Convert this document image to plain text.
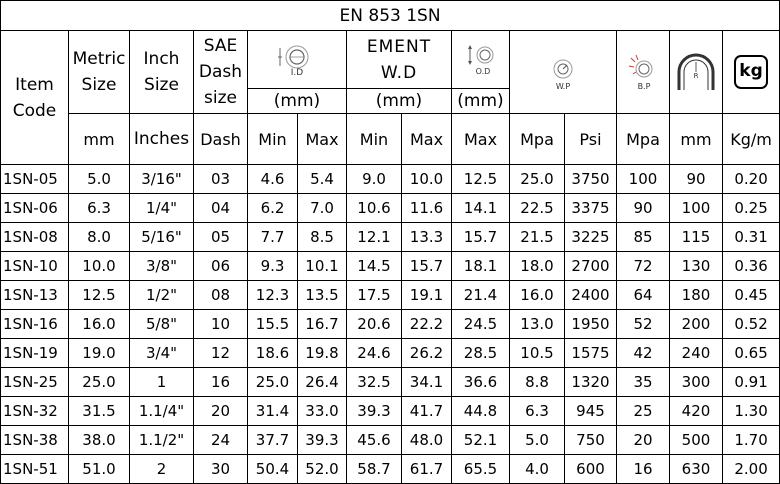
EN 853 1SN													
Item Code	Metric Size	Inch Size	SAE Dash size	I.D		EMENT W.D		O.D	W.P		B.P	R	kg
				(mm)		(mm)		(mm)					
	mm	Inches	Dash	Min	Max	Min	Max	Max	Mpa	Psi	Mpa	mm	Kg/m
1SN-05	5.0	3/16"	03	4.6	5.4	9.0	10.0	12.5	25.0	3750	100	90	0.20
1SN-06	6.3	1/4"	04	6.2	7.0	10.6	11.6	14.1	22.5	3375	90	100	0.25
1SN-08	8.0	5/16"	05	7.7	8.5	12.1	13.3	15.7	21.5	3225	85	115	0.31
1SN-10	10.0	3/8"	06	9.3	10.1	14.5	15.7	18.1	18.0	2700	72	130	0.36
1SN-13	12.5	1/2"	08	12.3	13.5	17.5	19.1	21.4	16.0	2400	64	180	0.45
1SN-16	16.0	5/8"	10	15.5	16.7	20.6	22.2	24.5	13.0	1950	52	200	0.52
1SN-19	19.0	3/4"	12	18.6	19.8	24.6	26.2	28.5	10.5	1575	42	240	0.65
1SN-25	25.0	1	16	25.0	26.4	32.5	34.1	36.6	8.8	1320	35	300	0.91
1SN-32	31.5	1.1/4"	20	31.4	33.0	39.3	41.7	44.8	6.3	945	25	420	1.30
1SN-38	38.0	1.1/2"	24	37.7	39.3	45.6	48.0	52.1	5.0	750	20	500	1.70
1SN-51	51.0	2	30	50.4	52.0	58.7	61.7	65.5	4.0	600	16	630	2.00
